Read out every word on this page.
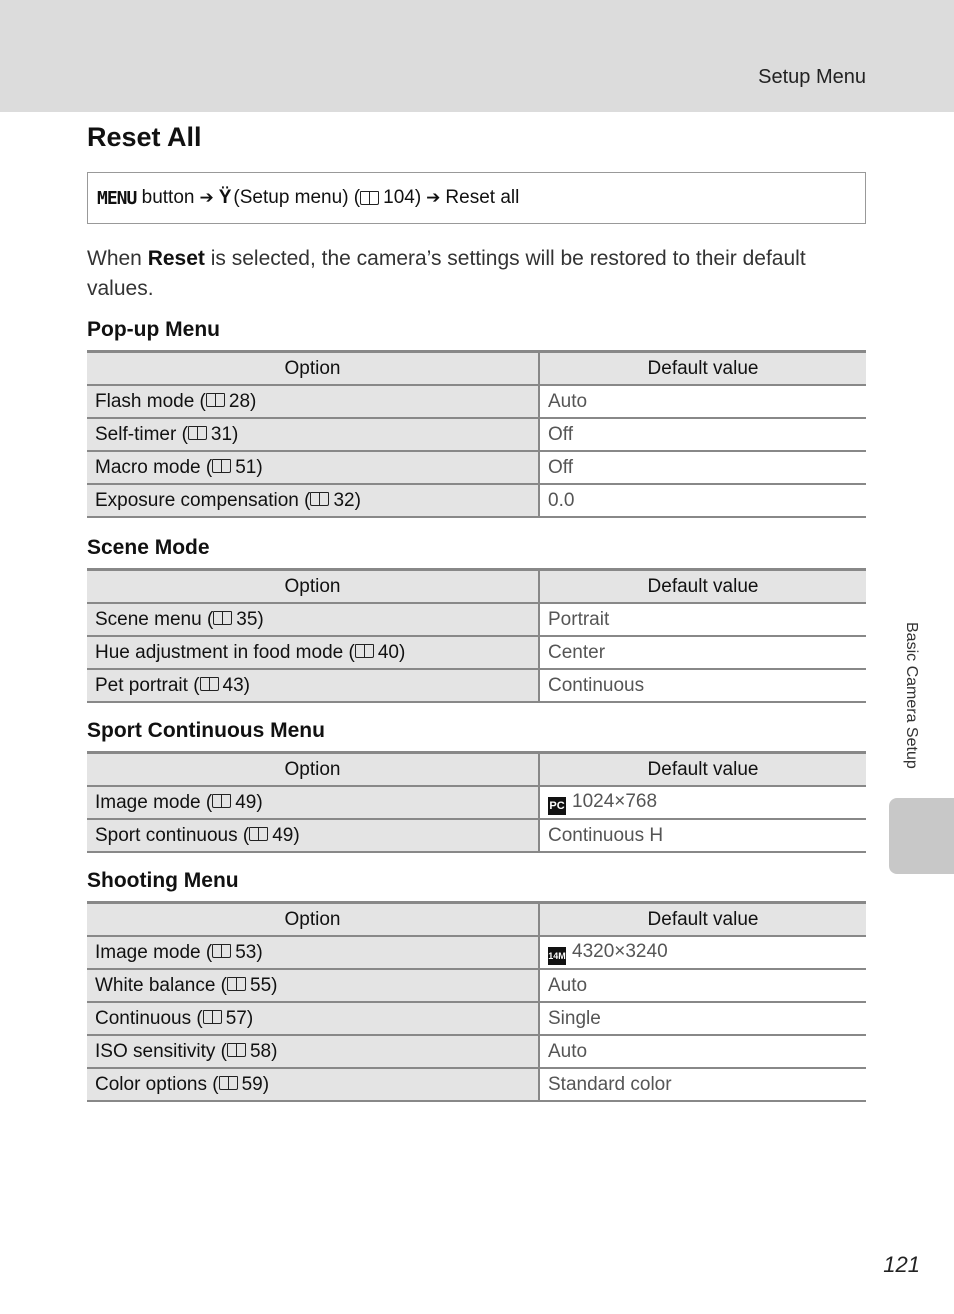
Setup Menu
Reset All
MENU
button ➔ Ÿ (Setup menu) ( 104) ➔ Reset all

When Reset is selected, the camera’s settings will be restored to their default values.

Pop-up Menu
Option	Default value
Flash mode ( 28)	Auto
Self-timer ( 31)	Off
Macro mode ( 51)	Off
Exposure compensation ( 32)	0.0
Scene Mode
Option	Default value
Scene menu ( 35)	Portrait
Hue adjustment in food mode ( 40)	Center
Pet portrait ( 43)	Continuous
Sport Continuous Menu
Option	Default value
Image mode ( 49)	PC 1024×768
Sport continuous ( 49)	Continuous H
Shooting Menu
Option	Default value
Image mode ( 53)	14M 4320×3240
White balance ( 55)	Auto
Continuous ( 57)	Single
ISO sensitivity ( 58)	Auto
Color options ( 59)	Standard color
Basic Camera Setup
121
